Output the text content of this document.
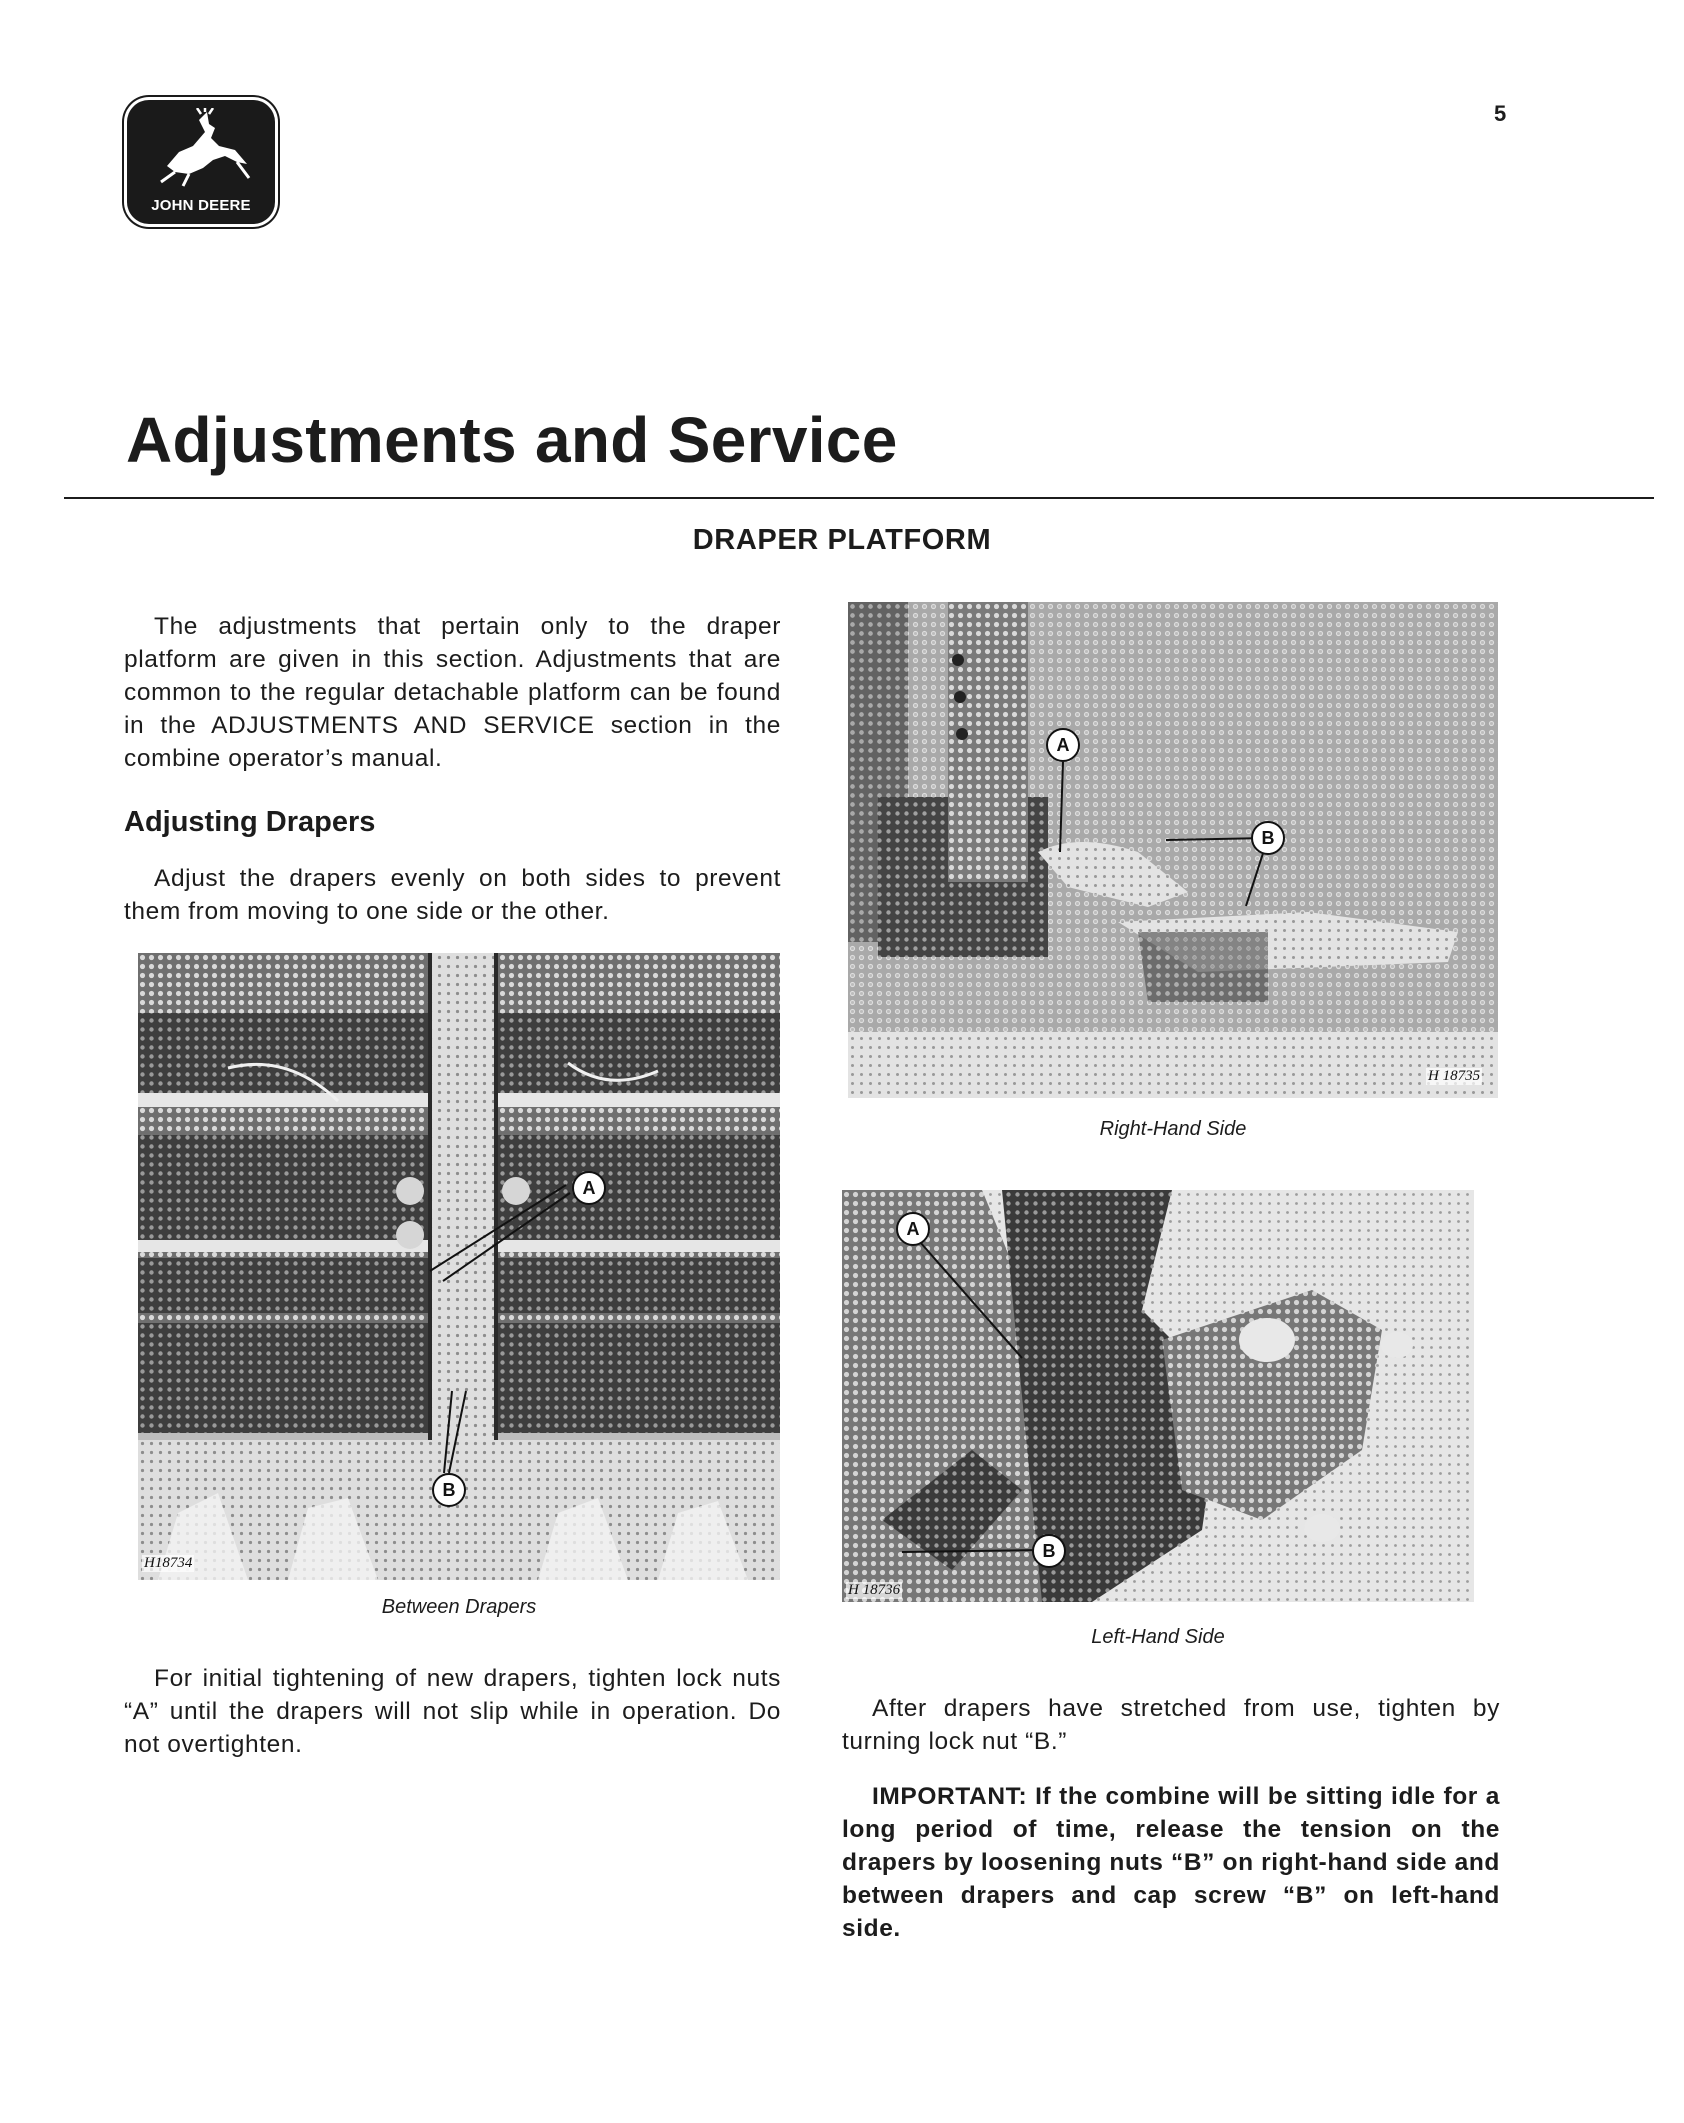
JOHN DEERE
5
Adjustments and Service
DRAPER PLATFORM

The adjustments that pertain only to the draper platform are given in this section. Adjustments that are common to the regular detachable platform can be found in the ADJUSTMENTS AND SERVICE section in the combine operator’s manual.

Adjusting Drapers

Adjust the drapers evenly on both sides to prevent them from moving to one side or the other.

A
B
H18734
Between Drapers

For initial tightening of new drapers, tighten lock nuts “A” until the drapers will not slip while in operation. Do not overtighten.

A
B
H 18735
Right-Hand Side
A
B
H 18736
Left-Hand Side

After drapers have stretched from use, tighten by turning lock nut “B.”

IMPORTANT: If the combine will be sitting idle for a long period of time, release the tension on the drapers by loosening nuts “B” on right-hand side and between drapers and cap screw “B” on left-hand side.
